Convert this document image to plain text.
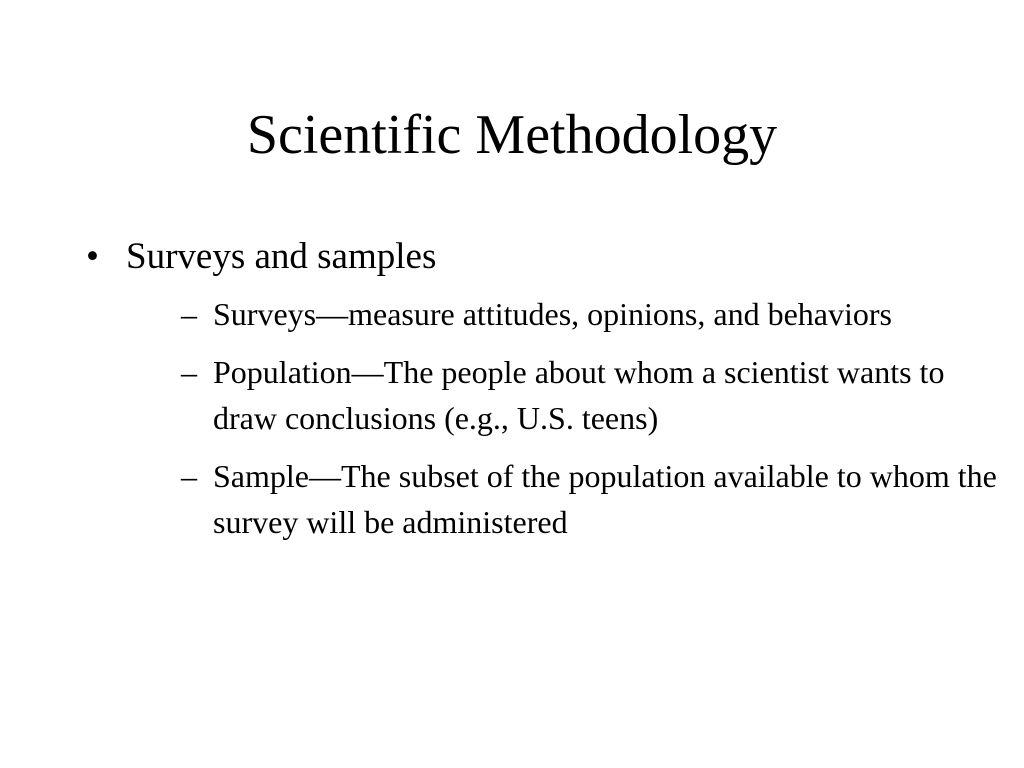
Scientific Methodology
• Surveys and samples
– Surveys—measure attitudes, opinions, and behaviors
– Population—The people about whom a scientist wants to draw conclusions (e.g., U.S. teens)
– Sample—The subset of the population available to whom the survey will be administered
